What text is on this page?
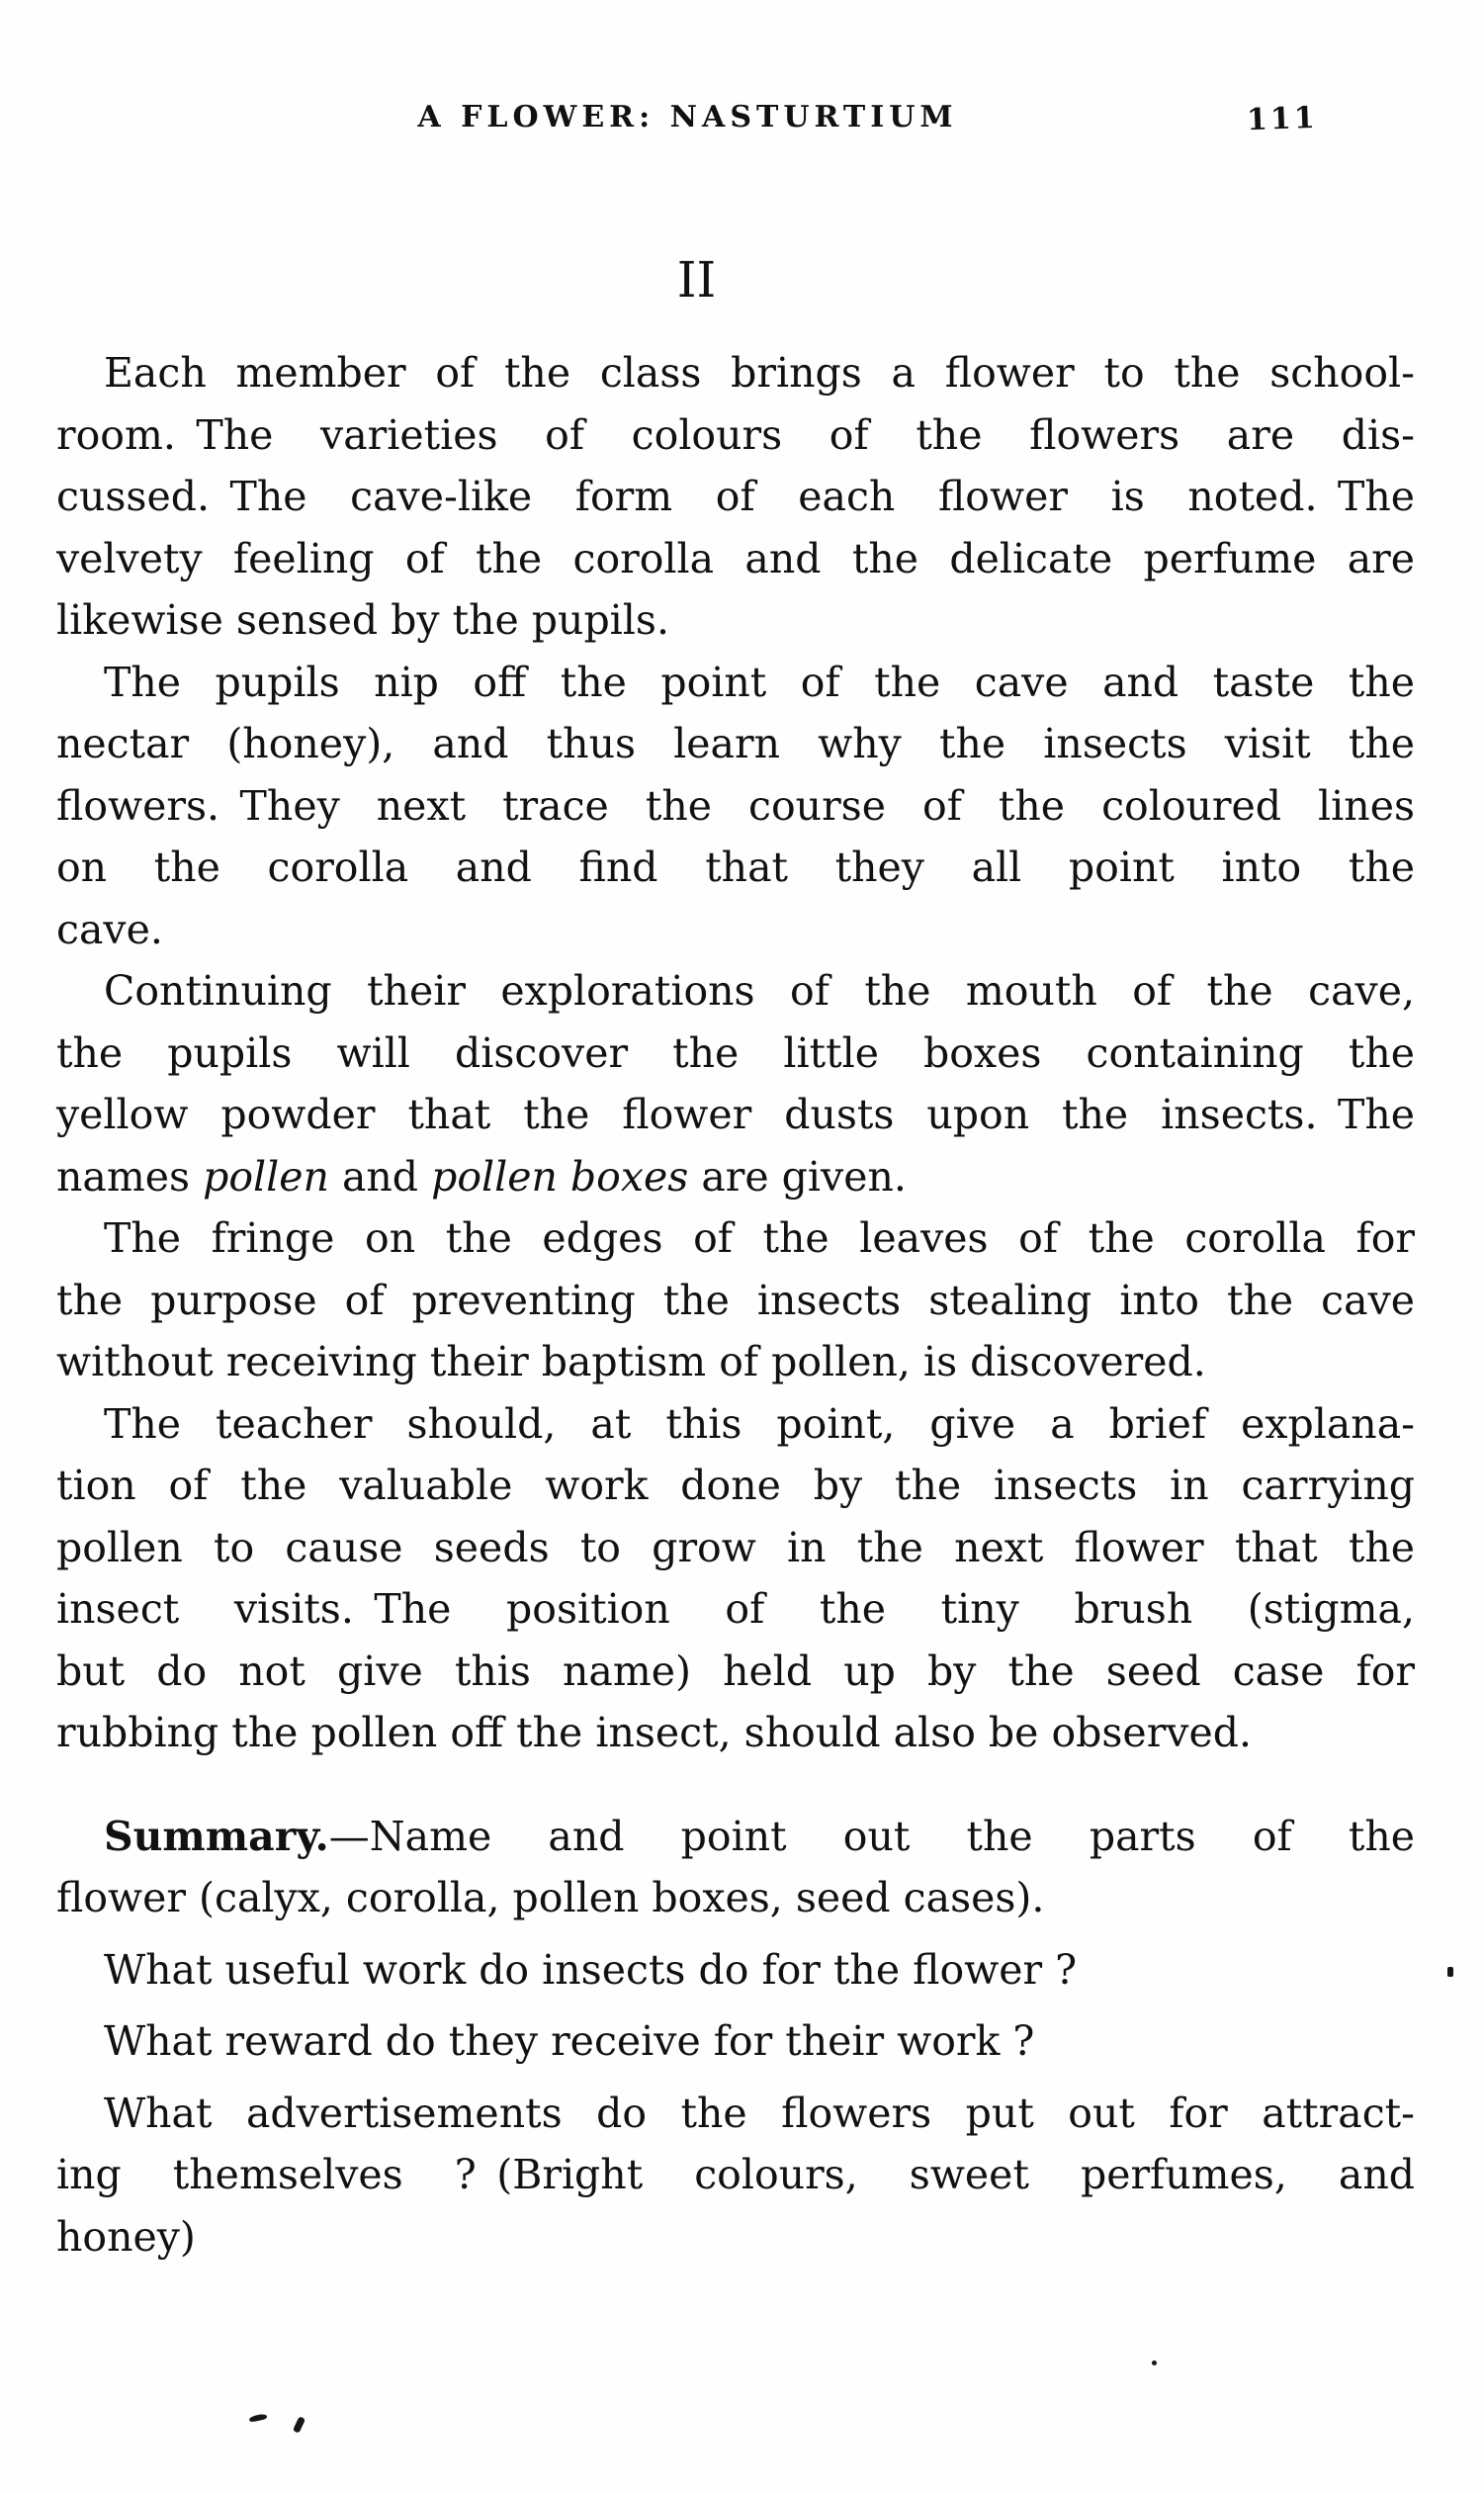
A FLOWER: NASTURTIUM	111
II
Each member of the class brings a flower to the school-
room. The varieties of colours of the flowers are dis-
cussed. The cave-like form of each flower is noted. The
velvety feeling of the corolla and the delicate perfume are
likewise sensed by the pupils.
The pupils nip off the point of the cave and taste the
nectar (honey), and thus learn why the insects visit the
flowers. They next trace the course of the coloured lines
on the corolla and find that they all point into the
cave.
Continuing their explorations of the mouth of the cave,
the pupils will discover the little boxes containing the
yellow powder that the flower dusts upon the insects. The
names pollen and pollen boxes are given.
The fringe on the edges of the leaves of the corolla for
the purpose of preventing the insects stealing into the cave
without receiving their baptism of pollen, is discovered.
The teacher should, at this point, give a brief explana-
tion of the valuable work done by the insects in carrying
pollen to cause seeds to grow in the next flower that the
insect visits. The position of the tiny brush (stigma,
but do not give this name) held up by the seed case for
rubbing the pollen off the insect, should also be observed.
Summary.—Name and point out the parts of the
flower (calyx, corolla, pollen boxes, seed cases).
What useful work do insects do for the flower ?
What reward do they receive for their work ?
What advertisements do the flowers put out for attract-
ing themselves ? (Bright colours, sweet perfumes, and
honey)
